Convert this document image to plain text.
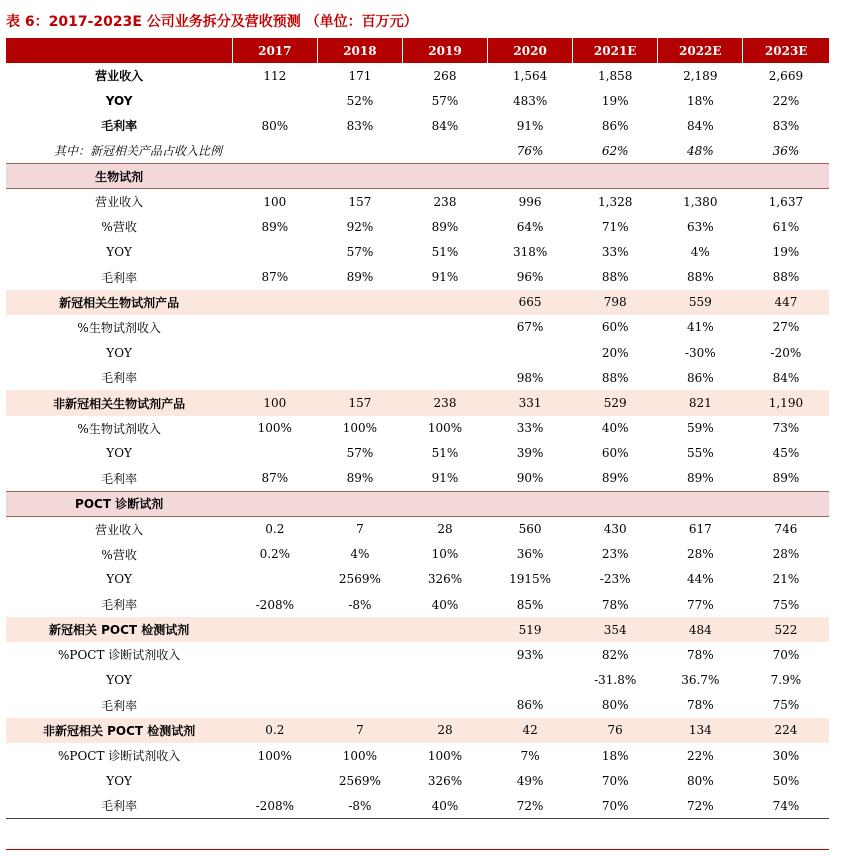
表 6：2017-2023E 公司业务拆分及营收预测 （单位：百万元）
	2017	2018	2019	2020	2021E	2022E	2023E
营业收入	112	171	268	1,564	1,858	2,189	2,669
YOY		52%	57%	483%	19%	18%	22%
毛利率	80%	83%	84%	91%	86%	84%	83%
其中：新冠相关产品占收入比例				76%	62%	48%	36%
生物试剂							
营业收入	100	157	238	996	1,328	1,380	1,637
%营收	89%	92%	89%	64%	71%	63%	61%
YOY		57%	51%	318%	33%	4%	19%
毛利率	87%	89%	91%	96%	88%	88%	88%
新冠相关生物试剂产品				665	798	559	447
%生物试剂收入				67%	60%	41%	27%
YOY					20%	-30%	-20%
毛利率				98%	88%	86%	84%
非新冠相关生物试剂产品	100	157	238	331	529	821	1,190
%生物试剂收入	100%	100%	100%	33%	40%	59%	73%
YOY		57%	51%	39%	60%	55%	45%
毛利率	87%	89%	91%	90%	89%	89%	89%
POCT 诊断试剂							
营业收入	0.2	7	28	560	430	617	746
%营收	0.2%	4%	10%	36%	23%	28%	28%
YOY		2569%	326%	1915%	-23%	44%	21%
毛利率	-208%	-8%	40%	85%	78%	77%	75%
新冠相关 POCT 检测试剂				519	354	484	522
%POCT 诊断试剂收入				93%	82%	78%	70%
YOY					-31.8%	36.7%	7.9%
毛利率				86%	80%	78%	75%
非新冠相关 POCT 检测试剂	0.2	7	28	42	76	134	224
%POCT 诊断试剂收入	100%	100%	100%	7%	18%	22%	30%
YOY		2569%	326%	49%	70%	80%	50%
毛利率	-208%	-8%	40%	72%	70%	72%	74%
